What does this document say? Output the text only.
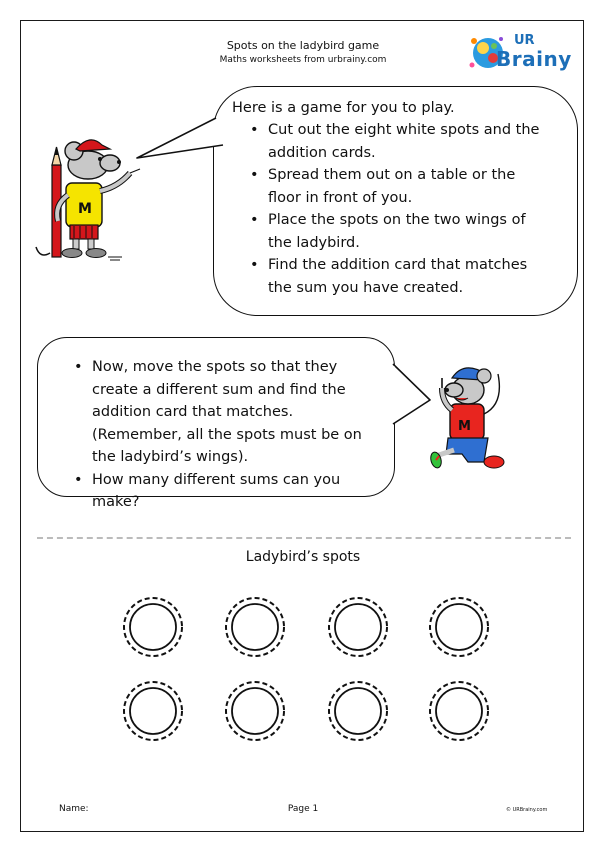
Spots on the ladybird game
Maths worksheets from urbrainy.com
UR
Brainy
Here is a game for you to play.
• Cut out the eight white spots and the addition cards.
• Spread them out on a table or the floor in front of you.
• Place the spots on the two wings of the ladybird.
• Find the addition card that matches the sum you have created.
M
• Now, move the spots so that they create a different sum and find the addition card that matches. (Remember, all the spots must be on the ladybird’s wings).
• How many different sums can you make?
M
Ladybird’s spots
Name:	Page 1	© URBrainy.com
